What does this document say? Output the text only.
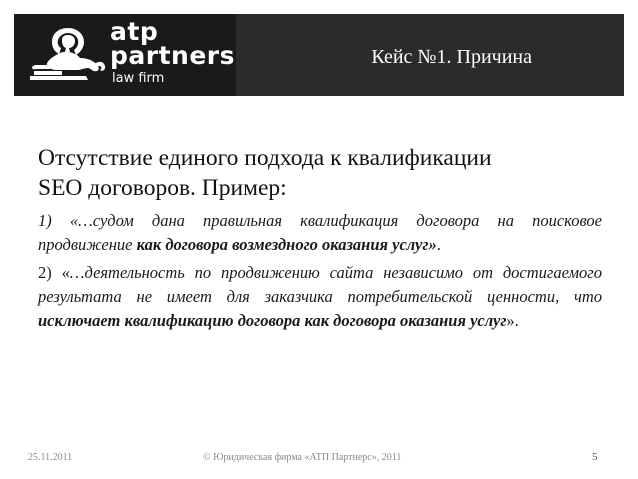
atp
partners
law firm
Кейс №1. Причина

Отсутствие единого подхода к квалификации
SEO договоров. Пример:

1) «…судом дана правильная квалификация договора на поисковое продвижение как договора возмездного оказания услуг».

2) «…деятельность по продвижению сайта независимо от достигаемого результата не имеет для заказчика потребительской ценности, что исключает квалификацию договора как договора оказания услуг».

25.11.2011	© Юридическая фирма «АТП Партнерс», 2011	5
